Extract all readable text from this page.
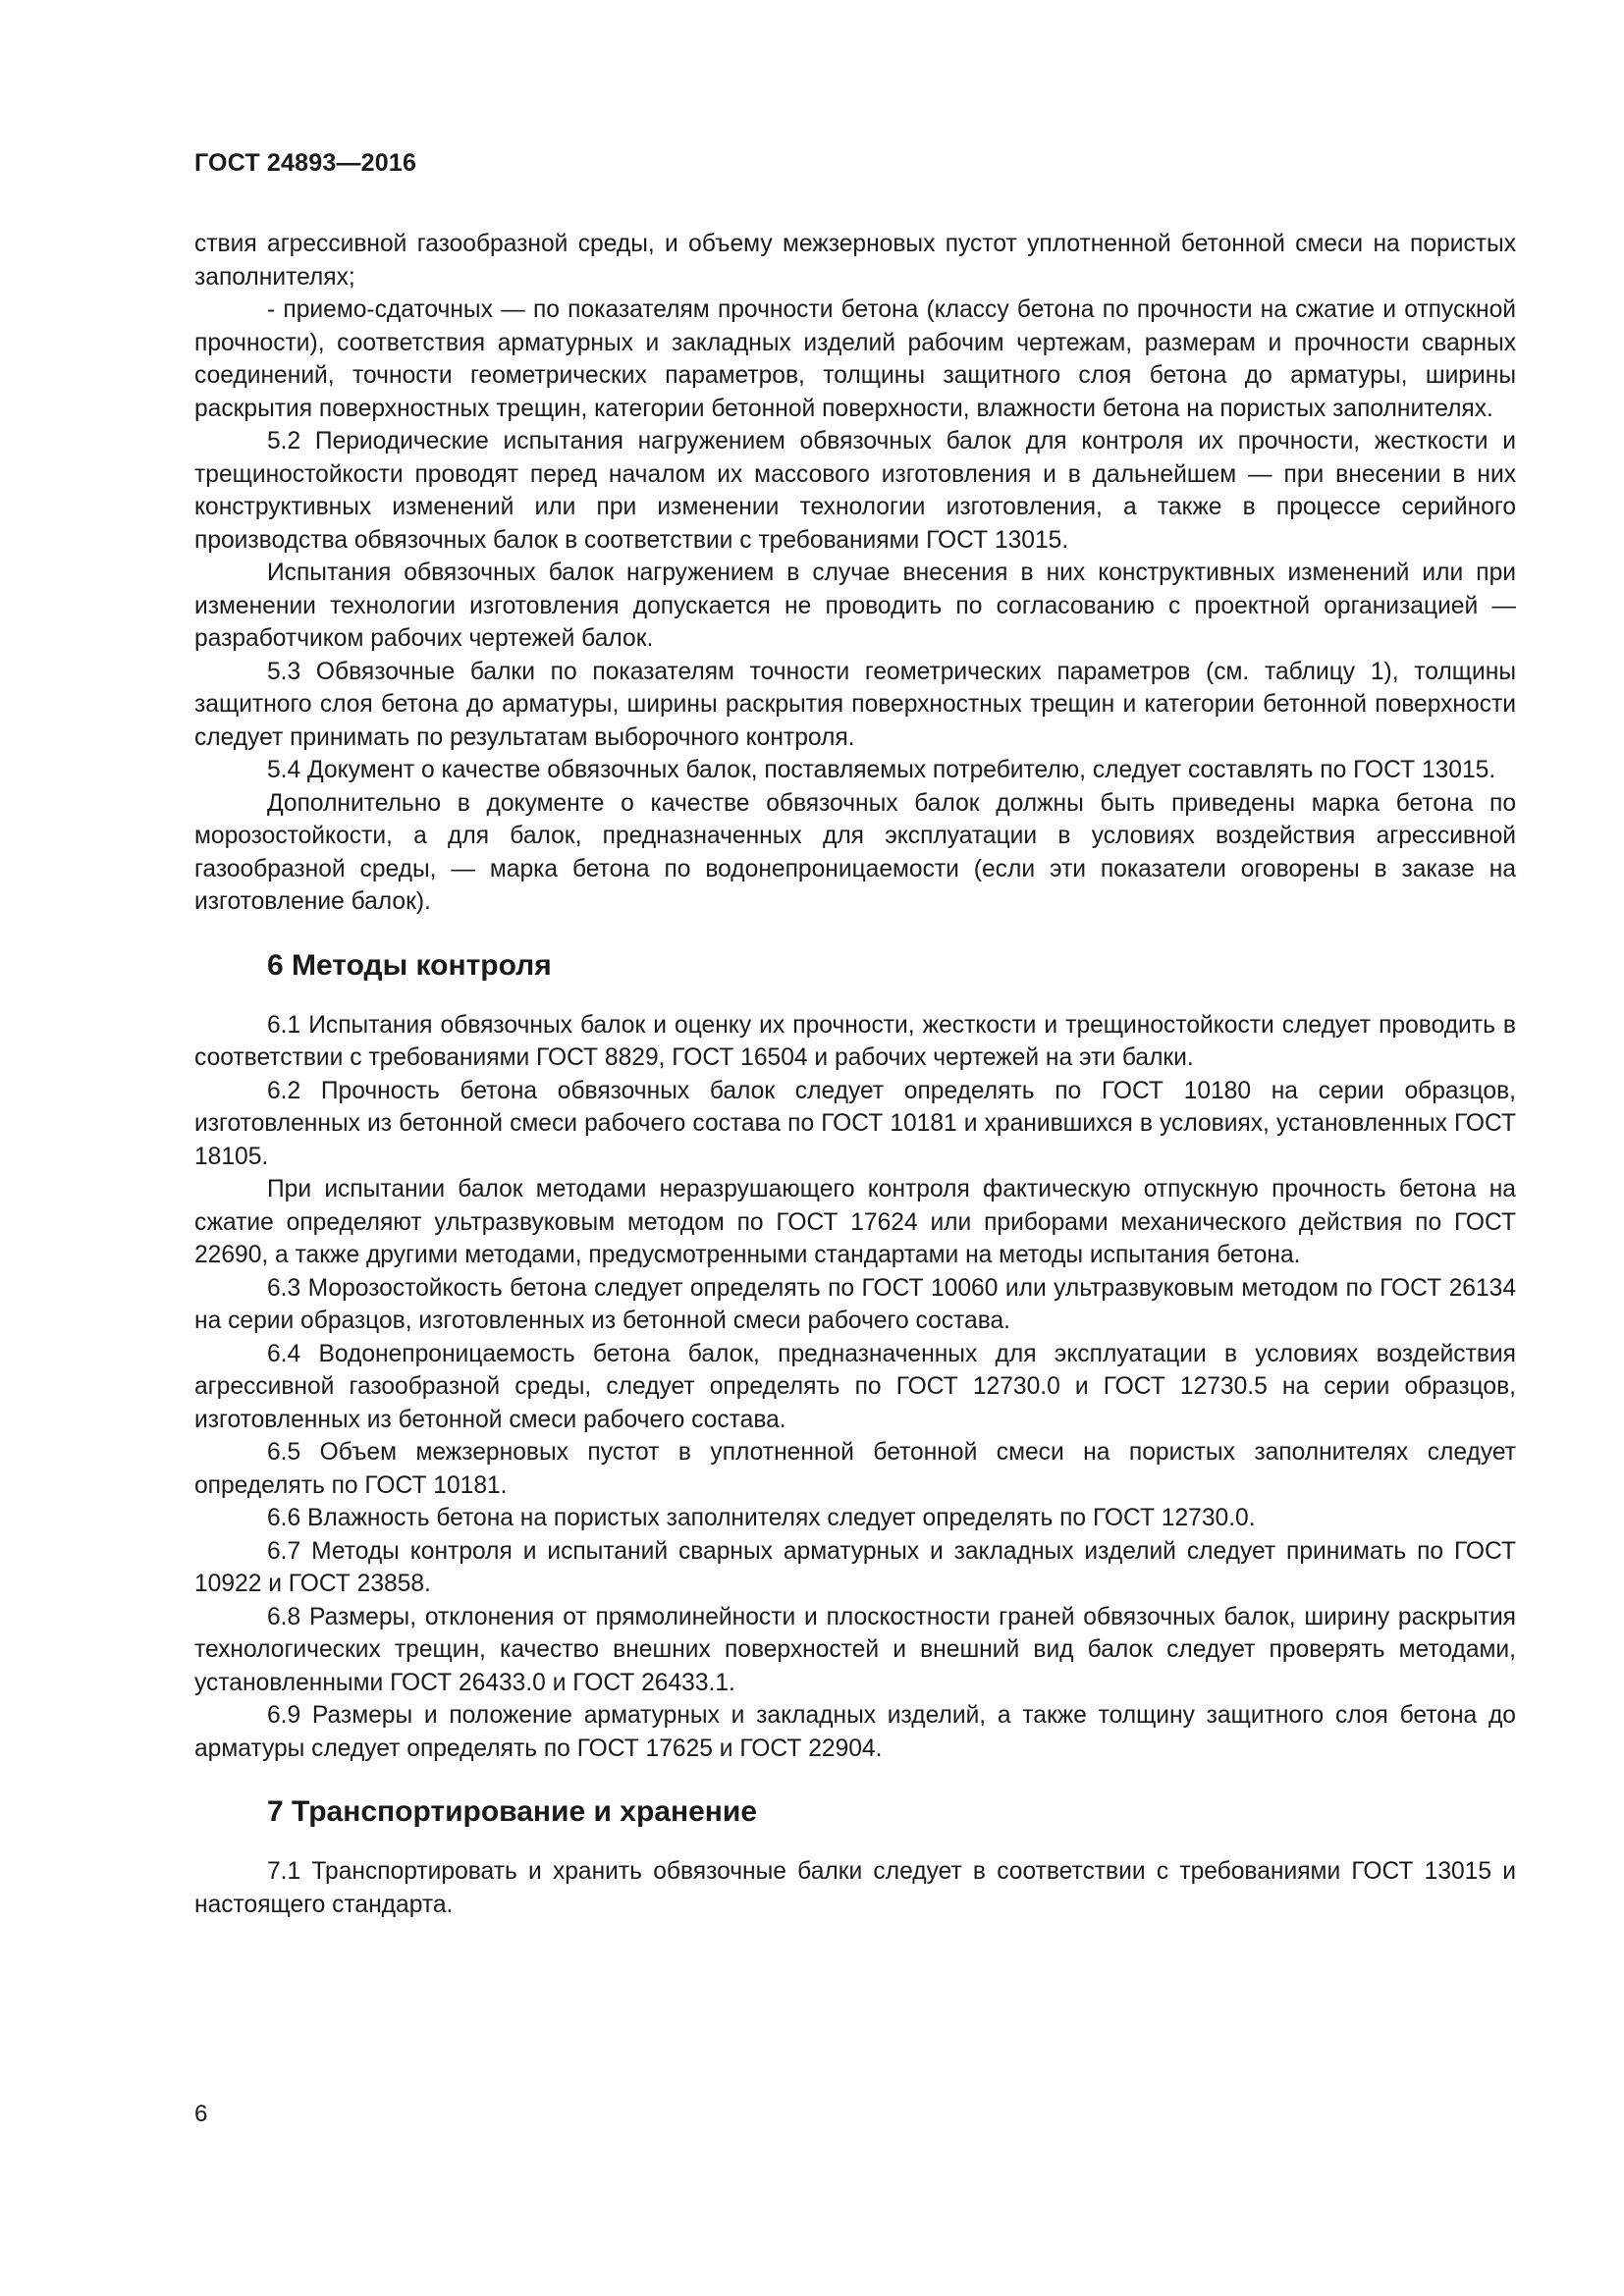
ГОСТ 24893—2016

ствия агрессивной газообразной среды, и объему межзерновых пустот уплотненной бетонной смеси на пористых заполнителях;

- приемо-сдаточных — по показателям прочности бетона (классу бетона по прочности на сжатие и отпускной прочности), соответствия арматурных и закладных изделий рабочим чертежам, размерам и прочности сварных соединений, точности геометрических параметров, толщины защитного слоя бетона до арматуры, ширины раскрытия поверхностных трещин, категории бетонной поверхности, влажности бетона на пористых заполнителях.

5.2 Периодические испытания нагружением обвязочных балок для контроля их прочности, жесткости и трещиностойкости проводят перед началом их массового изготовления и в дальнейшем — при внесении в них конструктивных изменений или при изменении технологии изготовления, а также в процессе серийного производства обвязочных балок в соответствии с требованиями ГОСТ 13015.

Испытания обвязочных балок нагружением в случае внесения в них конструктивных изменений или при изменении технологии изготовления допускается не проводить по согласованию с проектной организацией — разработчиком рабочих чертежей балок.

5.3 Обвязочные балки по показателям точности геометрических параметров (см. таблицу 1), толщины защитного слоя бетона до арматуры, ширины раскрытия поверхностных трещин и категории бетонной поверхности следует принимать по результатам выборочного контроля.

5.4 Документ о качестве обвязочных балок, поставляемых потребителю, следует составлять по ГОСТ 13015.

Дополнительно в документе о качестве обвязочных балок должны быть приведены марка бетона по морозостойкости, а для балок, предназначенных для эксплуатации в условиях воздействия агрессивной газообразной среды, — марка бетона по водонепроницаемости (если эти показатели оговорены в заказе на изготовление балок).

6 Методы контроля

6.1 Испытания обвязочных балок и оценку их прочности, жесткости и трещиностойкости следует проводить в соответствии с требованиями ГОСТ 8829, ГОСТ 16504 и рабочих чертежей на эти балки.

6.2 Прочность бетона обвязочных балок следует определять по ГОСТ 10180 на серии образцов, изготовленных из бетонной смеси рабочего состава по ГОСТ 10181 и хранившихся в условиях, установленных ГОСТ 18105.

При испытании балок методами неразрушающего контроля фактическую отпускную прочность бетона на сжатие определяют ультразвуковым методом по ГОСТ 17624 или приборами механического действия по ГОСТ 22690, а также другими методами, предусмотренными стандартами на методы испытания бетона.

6.3 Морозостойкость бетона следует определять по ГОСТ 10060 или ультразвуковым методом по ГОСТ 26134 на серии образцов, изготовленных из бетонной смеси рабочего состава.

6.4 Водонепроницаемость бетона балок, предназначенных для эксплуатации в условиях воздействия агрессивной газообразной среды, следует определять по ГОСТ 12730.0 и ГОСТ 12730.5 на серии образцов, изготовленных из бетонной смеси рабочего состава.

6.5 Объем межзерновых пустот в уплотненной бетонной смеси на пористых заполнителях следует определять по ГОСТ 10181.

6.6 Влажность бетона на пористых заполнителях следует определять по ГОСТ 12730.0.

6.7 Методы контроля и испытаний сварных арматурных и закладных изделий следует принимать по ГОСТ 10922 и ГОСТ 23858.

6.8 Размеры, отклонения от прямолинейности и плоскостности граней обвязочных балок, ширину раскрытия технологических трещин, качество внешних поверхностей и внешний вид балок следует проверять методами, установленными ГОСТ 26433.0 и ГОСТ 26433.1.

6.9 Размеры и положение арматурных и закладных изделий, а также толщину защитного слоя бетона до арматуры следует определять по ГОСТ 17625 и ГОСТ 22904.

7 Транспортирование и хранение

7.1 Транспортировать и хранить обвязочные балки следует в соответствии с требованиями ГОСТ 13015 и настоящего стандарта.

6
